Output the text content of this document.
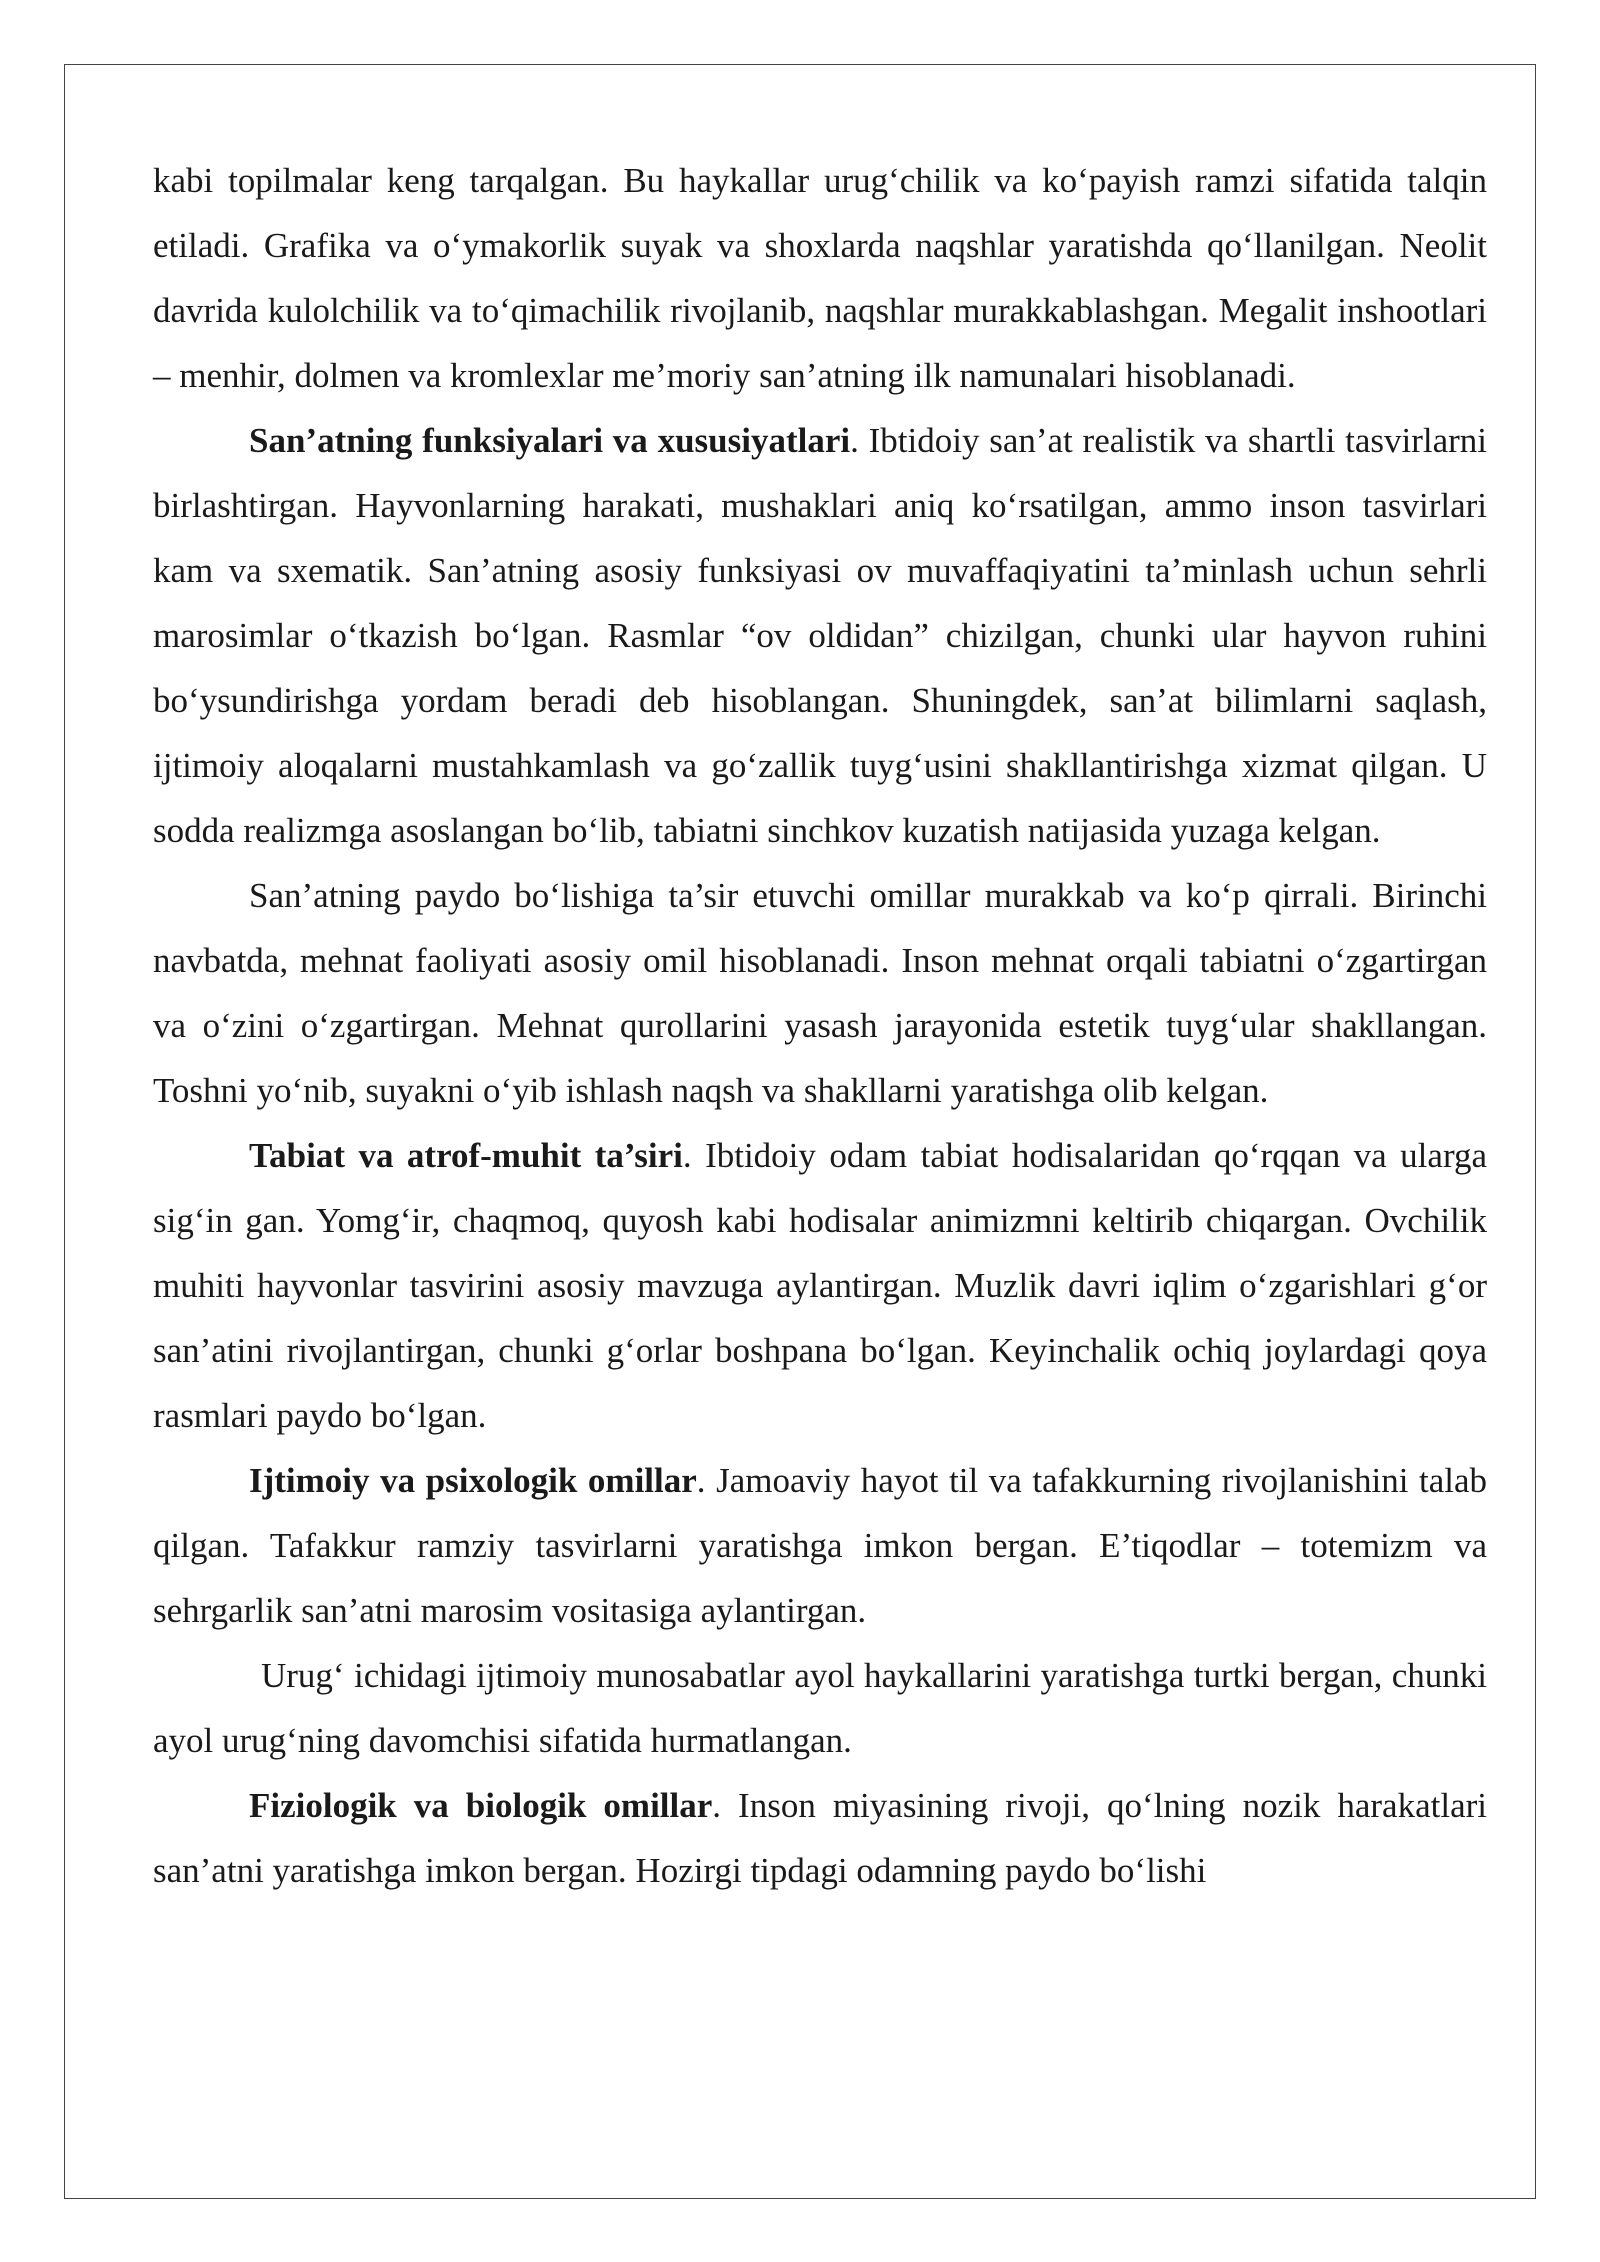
kabi topilmalar keng tarqalgan. Bu haykallar urug‘chilik va ko‘payish ramzi sifatida talqin etiladi. Grafika va o‘ymakorlik suyak va shoxlarda naqshlar yaratishda qo‘llanilgan. Neolit davrida kulolchilik va to‘qimachilik rivojlanib, naqshlar murakkablashgan. Megalit inshootlari – menhir, dolmen va kromlexlar me’moriy san’atning ilk namunalari hisoblanadi.

San’atning funksiyalari va xususiyatlari. Ibtidoiy san’at realistik va shartli tasvirlarni birlashtirgan. Hayvonlarning harakati, mushaklari aniq ko‘rsatilgan, ammo inson tasvirlari kam va sxematik. San’atning asosiy funksiyasi ov muvaffaqiyatini ta’minlash uchun sehrli marosimlar o‘tkazish bo‘lgan. Rasmlar “ov oldidan” chizilgan, chunki ular hayvon ruhini bo‘ysundirishga yordam beradi deb hisoblangan. Shuningdek, san’at bilimlarni saqlash, ijtimoiy aloqalarni mustahkamlash va go‘zallik tuyg‘usini shakllantirishga xizmat qilgan. U sodda realizmga asoslangan bo‘lib, tabiatni sinchkov kuzatish natijasida yuzaga kelgan.

San’atning paydo bo‘lishiga ta’sir etuvchi omillar murakkab va ko‘p qirrali. Birinchi navbatda, mehnat faoliyati asosiy omil hisoblanadi. Inson mehnat orqali tabiatni o‘zgartirgan va o‘zini o‘zgartirgan. Mehnat qurollarini yasash jarayonida estetik tuyg‘ular shakllangan. Toshni yo‘nib, suyakni o‘yib ishlash naqsh va shakllarni yaratishga olib kelgan.

Tabiat va atrof-muhit ta’siri. Ibtidoiy odam tabiat hodisalaridan qo‘rqqan va ularga sig‘in gan. Yomg‘ir, chaqmoq, quyosh kabi hodisalar animizmni keltirib chiqargan. Ovchilik muhiti hayvonlar tasvirini asosiy mavzuga aylantirgan. Muzlik davri iqlim o‘zgarishlari g‘or san’atini rivojlantirgan, chunki g‘orlar boshpana bo‘lgan. Keyinchalik ochiq joylardagi qoya rasmlari paydo bo‘lgan.

Ijtimoiy va psixologik omillar. Jamoaviy hayot til va tafakkurning rivojlanishini talab qilgan. Tafakkur ramziy tasvirlarni yaratishga imkon bergan. E’tiqodlar – totemizm va sehrgarlik san’atni marosim vositasiga aylantirgan.

Urug‘ ichidagi ijtimoiy munosabatlar ayol haykallarini yaratishga turtki bergan, chunki ayol urug‘ning davomchisi sifatida hurmatlangan.

Fiziologik va biologik omillar. Inson miyasining rivoji, qo‘lning nozik harakatlari san’atni yaratishga imkon bergan. Hozirgi tipdagi odamning paydo bo‘lishi
